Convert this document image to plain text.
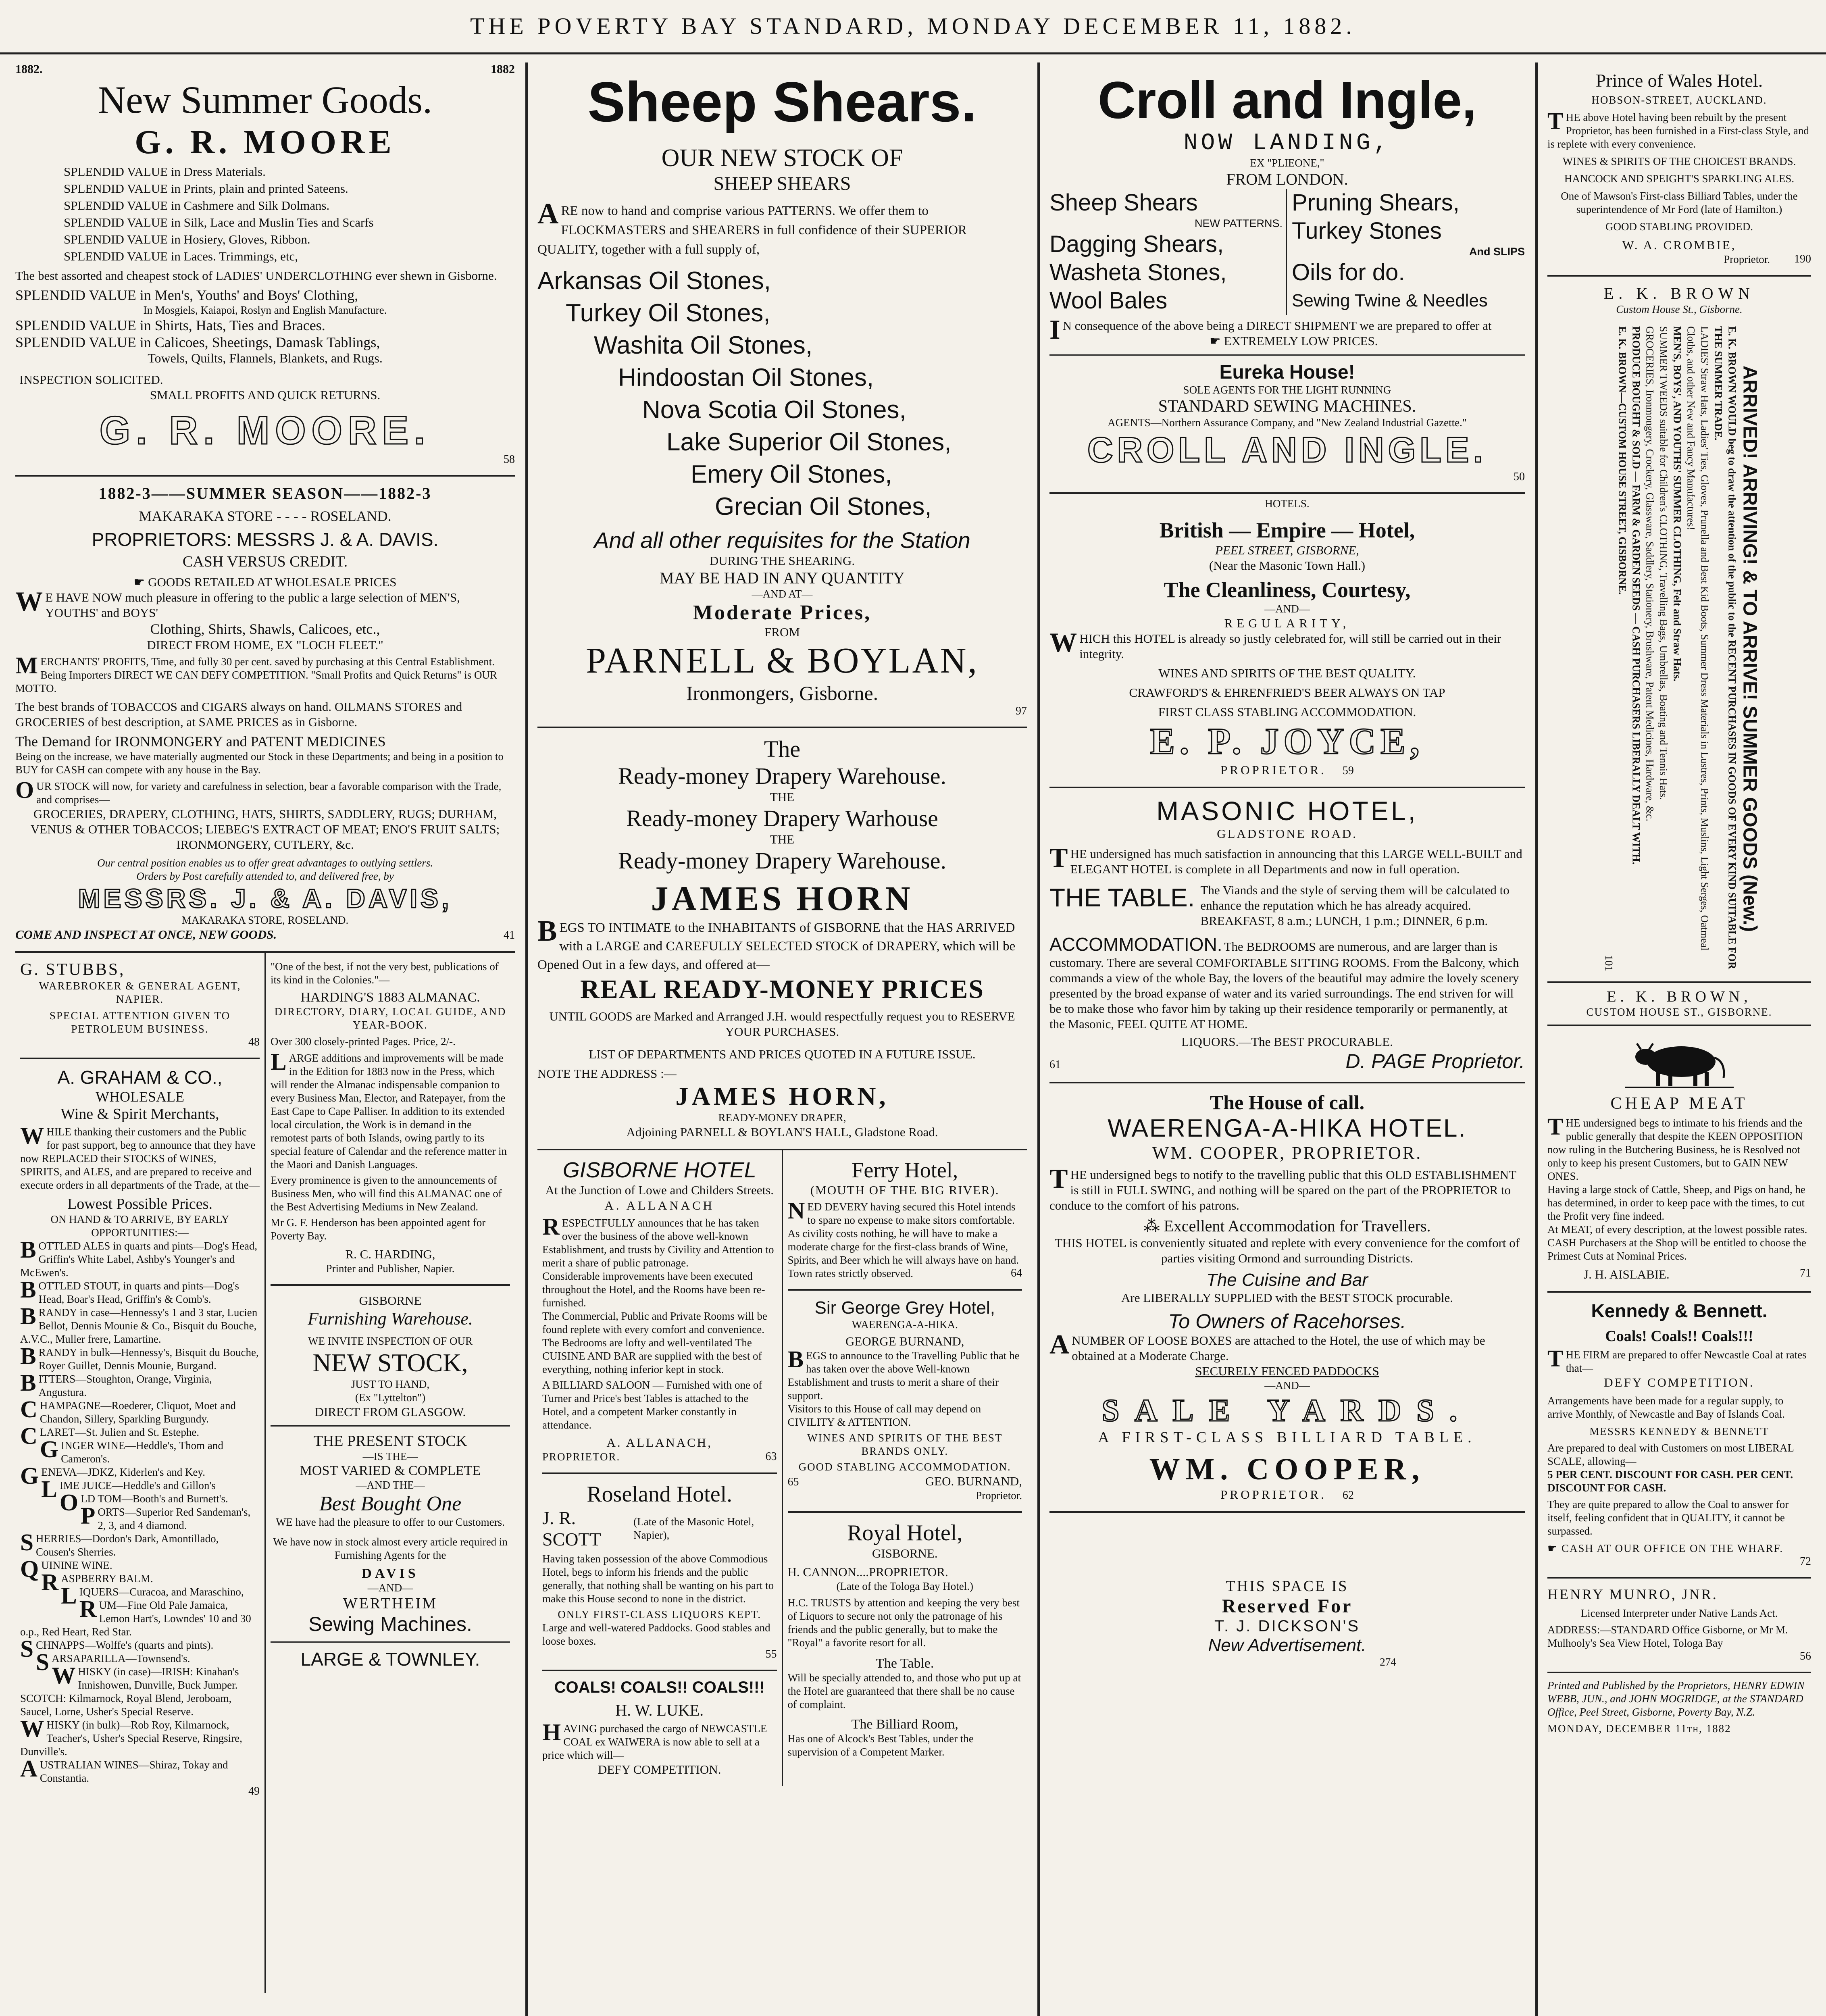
THE POVERTY BAY STANDARD, MONDAY DECEMBER 11, 1882.
1882.	1882
New Summer Goods.
G. R. MOORE
SPLENDID VALUE in Dress Materials.
SPLENDID VALUE in Prints, plain and printed Sateens.
SPLENDID VALUE in Cashmere and Silk Dolmans.
SPLENDID VALUE in Silk, Lace and Muslin Ties and Scarfs
SPLENDID VALUE in Hosiery, Gloves, Ribbon.
SPLENDID VALUE in Laces. Trimmings, etc,
The best assorted and cheapest stock of LADIES' UNDERCLOTHING ever shewn in Gisborne.
SPLENDID VALUE in Men's, Youths' and Boys' Clothing,
In Mosgiels, Kaiapoi, Roslyn and English Manufacture.
SPLENDID VALUE in Shirts, Hats, Ties and Braces.
SPLENDID VALUE in Calicoes, Sheetings, Damask Tablings,
Towels, Quilts, Flannels, Blankets, and Rugs.
INSPECTION SOLICITED.
SMALL PROFITS AND QUICK RETURNS.
G. R. MOORE.
58
1882-3——SUMMER SEASON——1882-3
MAKARAKA STORE - - - - ROSELAND.
PROPRIETORS: MESSRS J. & A. DAVIS.
CASH VERSUS CREDIT.
☛ GOODS RETAILED AT WHOLESALE PRICES
WE HAVE NOW much pleasure in offering to the public a large selection of MEN'S, YOUTHS' and BOYS'
Clothing, Shirts, Shawls, Calicoes, etc.,
DIRECT FROM HOME, EX "LOCH FLEET."
MERCHANTS' PROFITS, Time, and fully 30 per cent. saved by purchasing at this Central Establishment. Being Importers DIRECT WE CAN DEFY COMPETITION. "Small Profits and Quick Returns" is OUR MOTTO.
The best brands of TOBACCOS and CIGARS always on hand. OILMANS STORES and GROCERIES of best description, at SAME PRICES as in Gisborne.
The Demand for IRONMONGERY and PATENT MEDICINES
Being on the increase, we have materially augmented our Stock in these Departments; and being in a position to BUY for CASH can compete with any house in the Bay.
OUR STOCK will now, for variety and carefulness in selection, bear a favorable comparison with the Trade, and comprises—
GROCERIES, DRAPERY, CLOTHING, HATS, SHIRTS, SADDLERY, RUGS; DURHAM, VENUS & OTHER TOBACCOS; LIEBEG'S EXTRACT OF MEAT; ENO'S FRUIT SALTS; IRONMONGERY, CUTLERY, &c.
Our central position enables us to offer great advantages to outlying settlers.
Orders by Post carefully attended to, and delivered free, by
MESSRS. J. & A. DAVIS,
MAKARAKA STORE, ROSELAND.
COME AND INSPECT AT ONCE, NEW GOODS.	41
G. STUBBS,
WAREBROKER & GENERAL AGENT, NAPIER.
SPECIAL ATTENTION GIVEN TO PETROLEUM BUSINESS.
48
A. GRAHAM & CO.,
WHOLESALE
Wine & Spirit Merchants,
WHILE thanking their customers and the Public for past support, beg to announce that they have now REPLACED their STOCKS of WINES, SPIRITS, and ALES, and are prepared to receive and execute orders in all departments of the Trade, at the—
Lowest Possible Prices.
ON HAND & TO ARRIVE, BY EARLY OPPORTUNITIES:—
BOTTLED ALES in quarts and pints—Dog's Head, Griffin's White Label, Ashby's Younger's and McEwen's.
BOTTLED STOUT, in quarts and pints—Dog's Head, Boar's Head, Griffin's & Comb's.
BRANDY in case—Hennessy's 1 and 3 star, Lucien Bellot, Dennis Mounie & Co., Bisquit du Bouche, A.V.C., Muller frere, Lamartine.
BRANDY in bulk—Hennessy's, Bisquit du Bouche, Royer Guillet, Dennis Mounie, Burgand.
BITTERS—Stoughton, Orange, Virginia, Angustura.
CHAMPAGNE—Roederer, Cliquot, Moet and Chandon, Sillery, Sparkling Burgundy.
CLARET—St. Julien and St. Estephe.
GINGER WINE—Heddle's, Thom and Cameron's.
GENEVA—JDKZ, Kiderlen's and Key.
LIME JUICE—Heddle's and Gillon's
OLD TOM—Booth's and Burnett's.
PORTS—Superior Red Sandeman's, 2, 3, and 4 diamond.
SHERRIES—Dordon's Dark, Amontillado, Cousen's Sherries.
QUININE WINE.
RASPBERRY BALM.
LIQUERS—Curacoa, and Maraschino,
RUM—Fine Old Pale Jamaica, Lemon Hart's, Lowndes' 10 and 30 o.p., Red Heart, Red Star.
SCHNAPPS—Wolffe's (quarts and pints).
SARSAPARILLA—Townsend's.
WHISKY (in case)—IRISH: Kinahan's Innishowen, Dunville, Buck Jumper. SCOTCH: Kilmarnock, Royal Blend, Jeroboam, Saucel, Lorne, Usher's Special Reserve.
WHISKY (in bulk)—Rob Roy, Kilmarnock, Teacher's, Usher's Special Reserve, Ringsire, Dunville's.
AUSTRALIAN WINES—Shiraz, Tokay and Constantia.
49
"One of the best, if not the very best, publications of its kind in the Colonies."—
HARDING'S 1883 ALMANAC.
DIRECTORY, DIARY, LOCAL GUIDE, AND YEAR-BOOK.
Over 300 closely-printed Pages. Price, 2/-.
LARGE additions and improvements will be made in the Edition for 1883 now in the Press, which will render the Almanac indispensable companion to every Business Man, Elector, and Ratepayer, from the East Cape to Cape Palliser. In addition to its extended local circulation, the Work is in demand in the remotest parts of both Islands, owing partly to its special feature of Calendar and the reference matter in the Maori and Danish Languages.
Every prominence is given to the announcements of Business Men, who will find this ALMANAC one of the Best Advertising Mediums in New Zealand.
Mr G. F. Henderson has been appointed agent for Poverty Bay.
R. C. HARDING,
Printer and Publisher, Napier.
GISBORNE
Furnishing Warehouse.
WE INVITE INSPECTION OF OUR
NEW STOCK,
JUST TO HAND,
(Ex "Lyttelton")
DIRECT FROM GLASGOW.
THE PRESENT STOCK
—IS THE—
MOST VARIED & COMPLETE
—AND THE—
Best Bought One
WE have had the pleasure to offer to our Customers.
We have now in stock almost every article required in Furnishing Agents for the
DAVIS
—AND—
WERTHEIM
Sewing Machines.
LARGE & TOWNLEY.
Sheep Shears.
OUR NEW STOCK OF
SHEEP SHEARS
ARE now to hand and comprise various PATTERNS. We offer them to FLOCKMASTERS and SHEARERS in full confidence of their SUPERIOR QUALITY, together with a full supply of,
Arkansas Oil Stones,
Turkey Oil Stones,
Washita Oil Stones,
Hindoostan Oil Stones,
Nova Scotia Oil Stones,
Lake Superior Oil Stones,
Emery Oil Stones,
Grecian Oil Stones,
And all other requisites for the Station
DURING THE SHEARING.
MAY BE HAD IN ANY QUANTITY
—AND AT—
Moderate Prices,
FROM
PARNELL & BOYLAN,
Ironmongers, Gisborne.
97
The
Ready-money Drapery Warehouse.
THE
Ready-money Drapery Warhouse
THE
Ready-money Drapery Warehouse.
JAMES HORN
BEGS TO INTIMATE to the INHABITANTS of GISBORNE that the HAS ARRIVED with a LARGE and CAREFULLY SELECTED STOCK of DRAPERY, which will be Opened Out in a few days, and offered at—
REAL READY-MONEY PRICES
UNTIL GOODS are Marked and Arranged J.H. would respectfully request you to RESERVE YOUR PURCHASES.
LIST OF DEPARTMENTS AND PRICES QUOTED IN A FUTURE ISSUE.
NOTE THE ADDRESS :—
JAMES HORN,
READY-MONEY DRAPER,
Adjoining PARNELL & BOYLAN'S HALL, Gladstone Road.
GISBORNE HOTEL
At the Junction of Lowe and Childers Streets.
A. ALLANACH
RESPECTFULLY announces that he has taken over the business of the above well-known Establishment, and trusts by Civility and Attention to merit a share of public patronage.
Considerable improvements have been executed throughout the Hotel, and the Rooms have been re-furnished.
The Commercial, Public and Private Rooms will be found replete with every comfort and convenience.
The Bedrooms are lofty and well-ventilated The CUISINE AND BAR are supplied with the best of everything, nothing inferior kept in stock.
A BILLIARD SALOON — Furnished with one of Turner and Price's best Tables is attached to the Hotel, and a competent Marker constantly in attendance.
A. ALLANACH,
PROPRIETOR.	63
Roseland Hotel.
J. R. SCOTT
(Late of the Masonic Hotel, Napier),
Having taken possession of the above Commodious Hotel, begs to inform his friends and the public generally, that nothing shall be wanting on his part to make this House second to none in the district.
ONLY FIRST-CLASS LIQUORS KEPT.
Large and well-watered Paddocks. Good stables and loose boxes.
55
COALS! COALS!! COALS!!!
H. W. LUKE.
HAVING purchased the cargo of NEWCASTLE COAL ex WAIWERA is now able to sell at a price which will—
DEFY COMPETITION.
Ferry Hotel,
(MOUTH OF THE BIG RIVER).
NED DEVERY having secured this Hotel intends to spare no expense to make sitors comfortable. As civility costs nothing, he will have to make a moderate charge for the first-class brands of Wine, Spirits, and Beer which he will always have on hand.
Town rates strictly observed.	64
Sir George Grey Hotel,
WAERENGA-A-HIKA.
GEORGE BURNAND,
BEGS to announce to the Travelling Public that he has taken over the above Well-known Establishment and trusts to merit a share of their support.
Visitors to this House of call may depend on CIVILITY & ATTENTION.
WINES AND SPIRITS OF THE BEST BRANDS ONLY.
GOOD STABLING ACCOMMODATION.
65	GEO. BURNAND,
Proprietor.
Royal Hotel,
GISBORNE.
H. CANNON....PROPRIETOR.
(Late of the Tologa Bay Hotel.)
H.C. TRUSTS by attention and keeping the very best of Liquors to secure not only the patronage of his friends and the public generally, but to make the "Royal" a favorite resort for all.
The Table.
Will be specially attended to, and those who put up at the Hotel are guaranteed that there shall be no cause of complaint.
The Billiard Room,
Has one of Alcock's Best Tables, under the supervision of a Competent Marker.
Croll and Ingle,
NOW LANDING,
EX "PLIEONE,"
FROM LONDON.
Sheep Shears
NEW PATTERNS.
Dagging Shears,
Washeta Stones,
Wool Bales
Pruning Shears,
Turkey Stones
And SLIPS
Oils for do.
Sewing Twine & Needles
IN consequence of the above being a DIRECT SHIPMENT we are prepared to offer at
☛ EXTREMELY LOW PRICES.
Eureka House!
SOLE AGENTS FOR THE LIGHT RUNNING
STANDARD SEWING MACHINES.
AGENTS—Northern Assurance Company, and "New Zealand Industrial Gazette."
CROLL AND INGLE.
50
HOTELS.
British — Empire — Hotel,
PEEL STREET, GISBORNE,
(Near the Masonic Town Hall.)
The Cleanliness, Courtesy,
—AND—
REGULARITY,
WHICH this HOTEL is already so justly celebrated for, will still be carried out in their integrity.
WINES AND SPIRITS OF THE BEST QUALITY.
CRAWFORD'S & EHRENFRIED'S BEER ALWAYS ON TAP
FIRST CLASS STABLING ACCOMMODATION.
E. P. JOYCE,
PROPRIETOR. 59
MASONIC HOTEL,
GLADSTONE ROAD.
THE undersigned has much satisfaction in announcing that this LARGE WELL-BUILT and ELEGANT HOTEL is complete in all Departments and now in full operation.
THE TABLE. The Viands and the style of serving them will be calculated to enhance the reputation which he has already acquired. BREAKFAST, 8 a.m.; LUNCH, 1 p.m.; DINNER, 6 p.m.
ACCOMMODATION. The BEDROOMS are numerous, and are larger than is customary. There are several COMFORTABLE SITTING ROOMS. From the Balcony, which commands a view of the whole Bay, the lovers of the beautiful may admire the lovely scenery presented by the broad expanse of water and its varied surroundings. The end striven for will be to make those who favor him by taking up their residence temporarily or permanently, at the Masonic, FEEL QUITE AT HOME.
LIQUORS.—The BEST PROCURABLE.
61	D. PAGE Proprietor.
The House of call.
WAERENGA-A-HIKA HOTEL.
WM. COOPER, PROPRIETOR.
THE undersigned begs to notify to the travelling public that this OLD ESTABLISHMENT is still in FULL SWING, and nothing will be spared on the part of the PROPRIETOR to conduce to the comfort of his patrons.
⁂ Excellent Accommodation for Travellers.
THIS HOTEL is conveniently situated and replete with every convenience for the comfort of parties visiting Ormond and surrounding Districts.
The Cuisine and Bar
Are LIBERALLY SUPPLIED with the BEST STOCK procurable.
To Owners of Racehorses.
ANUMBER OF LOOSE BOXES are attached to the Hotel, the use of which may be obtained at a Moderate Charge.
SECURELY FENCED PADDOCKS
—AND—
SALE YARDS.
A FIRST-CLASS BILLIARD TABLE.
WM. COOPER,
PROPRIETOR. 62
THIS SPACE IS
Reserved For
T. J. DICKSON'S
New Advertisement.
274
Prince of Wales Hotel.
HOBSON-STREET, AUCKLAND.
THE above Hotel having been rebuilt by the present Proprietor, has been furnished in a First-class Style, and is replete with every convenience.
WINES & SPIRITS OF THE CHOICEST BRANDS.
HANCOCK AND SPEIGHT'S SPARKLING ALES.
One of Mawson's First-class Billiard Tables, under the superintendence of Mr Ford (late of Hamilton.)
GOOD STABLING PROVIDED.
W. A. CROMBIE,
Proprietor. 190
E. K. BROWN
Custom House St., Gisborne.
ARRIVED! ARRIVING! & TO ARRIVE! SUMMER GOODS (New.)
E. K. BROWN WOULD beg to draw the attention of the public to the RECENT PURCHASES IN GOODS OF EVERY KIND SUITABLE FOR THE SUMMER TRADE.
LADIES' Straw Hats, Ladies' Ties, Gloves, Prunella and Best Kid Boots, Summer Dress Materials in Lustres, Prints, Muslins, Light Serges, Oatmeal Cloths, and other New and Fancy Manufactures!
MEN'S, BOYS', AND YOUTHS' SUMMER CLOTHING, Felt and Straw Hats.
SUMMER TWEEDS suitable for Children's CLOTHING, Travelling Bags, Umbrellas, Boating and Tennis Hats.
GROCERIES, Ironmongery, Crockery, Glassware, Saddlery, Stationery, Brushware, Patent Medicines, Hardware, &c.
PRODUCE BOUGHT & SOLD — FARM & GARDEN SEEDS — CASH PURCHASERS LIBERALLY DEALT WITH.
E. K. BROWN—CUSTOM HOUSE STREET, GISBORNE.
101
E. K. BROWN,
CUSTOM HOUSE ST., GISBORNE.
CHEAP MEAT
THE undersigned begs to intimate to his friends and the public generally that despite the KEEN OPPOSITION now ruling in the Butchering Business, he is Resolved not only to keep his present Customers, but to GAIN NEW ONES.
Having a large stock of Cattle, Sheep, and Pigs on hand, he has determined, in order to keep pace with the times, to cut the Profit very fine indeed.
At MEAT, of every description, at the lowest possible rates.
CASH Purchasers at the Shop will be entitled to choose the Primest Cuts at Nominal Prices.
J. H. AISLABIE.	71
Kennedy & Bennett.
Coals! Coals!! Coals!!!
THE FIRM are prepared to offer Newcastle Coal at rates that—
DEFY COMPETITION.
Arrangements have been made for a regular supply, to arrive Monthly, of Newcastle and Bay of Islands Coal.
MESSRS KENNEDY & BENNETT
Are prepared to deal with Customers on most LIBERAL SCALE, allowing—
5 PER CENT. DISCOUNT FOR CASH. PER CENT. DISCOUNT FOR CASH.
They are quite prepared to allow the Coal to answer for itself, feeling confident that in QUALITY, it cannot be surpassed.
☛ CASH AT OUR OFFICE ON THE WHARF.
72
HENRY MUNRO, JNR.
Licensed Interpreter under Native Lands Act.
ADDRESS:—STANDARD Office Gisborne, or Mr M. Mulhooly's Sea View Hotel, Tologa Bay
56
Printed and Published by the Proprietors, HENRY EDWIN WEBB, JUN., and JOHN MOGRIDGE, at the STANDARD Office, Peel Street, Gisborne, Poverty Bay, N.Z.
MONDAY, DECEMBER 11th, 1882
